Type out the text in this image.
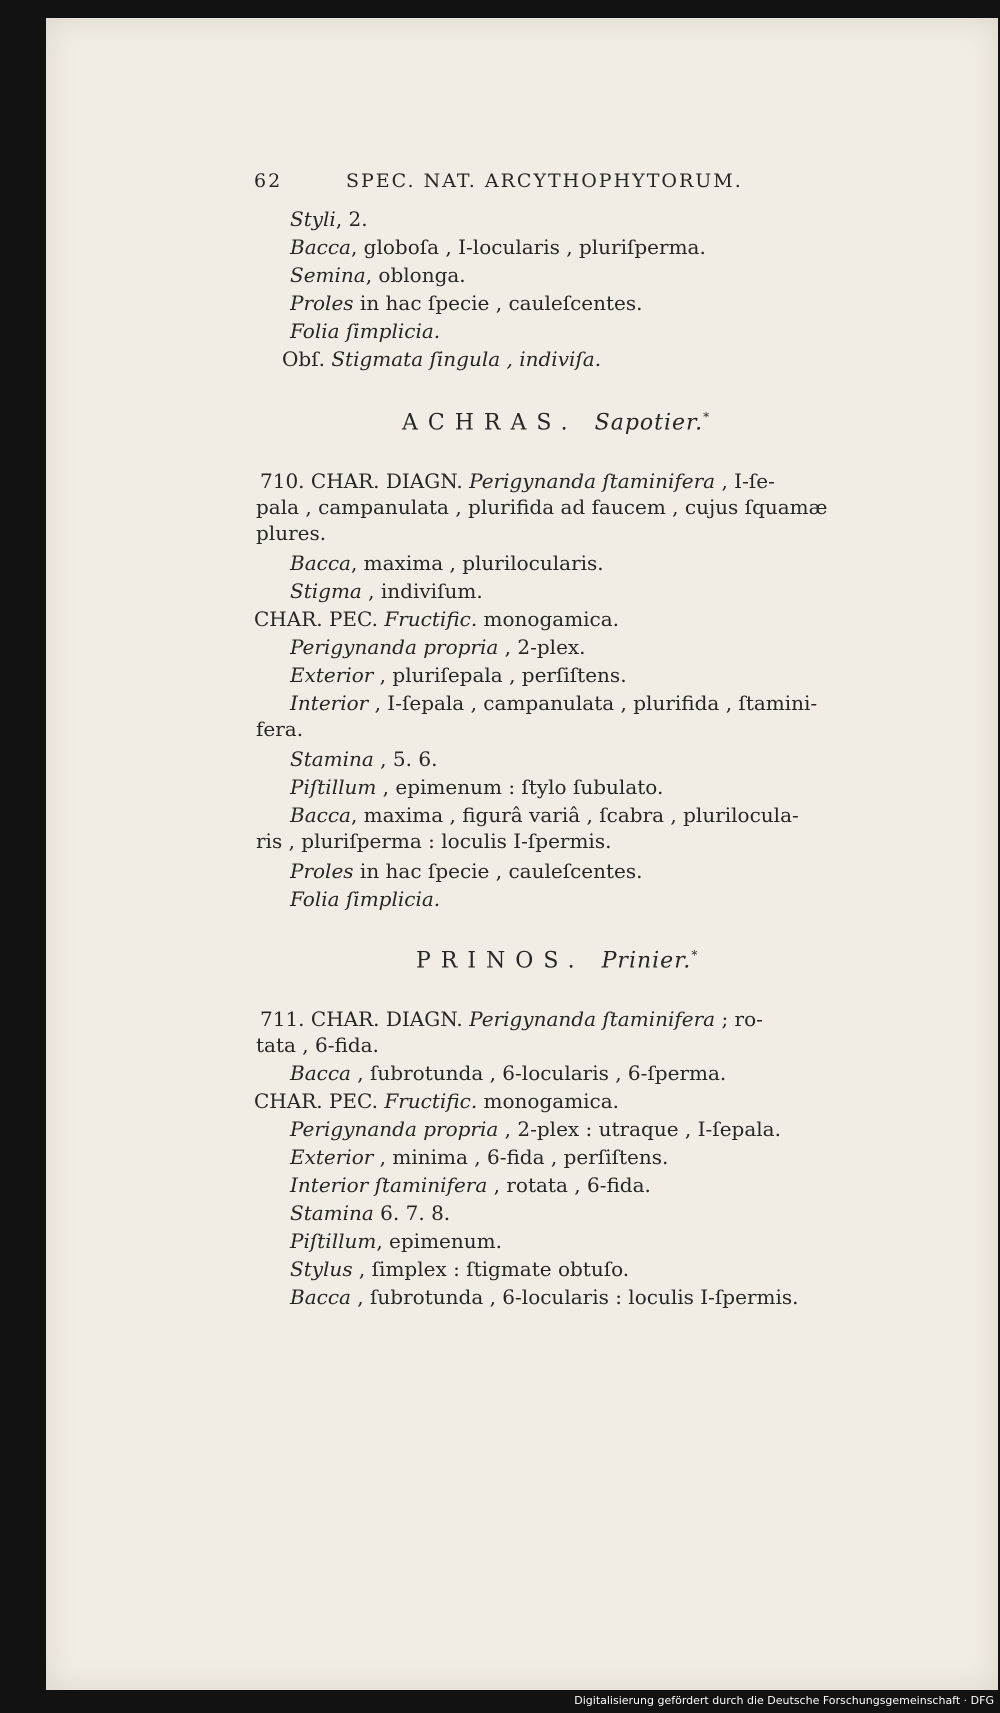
62	SPEC. NAT. ARCYTHOPHYTORUM.
Styli, 2.
Bacca, globoſa , I-locularis , pluriſperma.
Semina, oblonga.
Proles in hac ſpecie , cauleſcentes.
Folia ſimplicia.
Obſ. Stigmata ſingula , indiviſa.
ACHRAS. Sapotier.*
710. CHAR. DIAGN. Perigynanda ſtaminifera , I-ſe-
pala , campanulata , plurifida ad faucem , cujus ſquamæ
plures.
Bacca, maxima , plurilocularis.
Stigma , indiviſum.
CHAR. PEC. Fructific. monogamica.
Perigynanda propria , 2-plex.
Exterior , pluriſepala , perſiſtens.
Interior , I-ſepala , campanulata , plurifida , ſtamini-
fera.
Stamina , 5. 6.
Piſtillum , epimenum : ſtylo ſubulato.
Bacca, maxima , figurâ variâ , ſcabra , pluriloculа-
ris , pluriſperma : loculis I-ſpermis.
Proles in hac ſpecie , cauleſcentes.
Folia ſimplicia.
PRINOS. Prinier.*
711. CHAR. DIAGN. Perigynanda ſtaminifera ; ro-
tata , 6-fida.
Bacca , ſubrotunda , 6-locularis , 6-ſperma.
CHAR. PEC. Fructific. monogamica.
Perigynanda propria , 2-plex : utraque , I-ſepala.
Exterior , minima , 6-fida , perſiſtens.
Interior ſtaminifera , rotata , 6-fida.
Stamina 6. 7. 8.
Piſtillum, epimenum.
Stylus , ſimplex : ſtigmate obtuſo.
Bacca , ſubrotunda , 6-locularis : loculis I-ſpermis.
Digitalisierung gefördert durch die Deutsche Forschungsgemeinschaft · DFG
